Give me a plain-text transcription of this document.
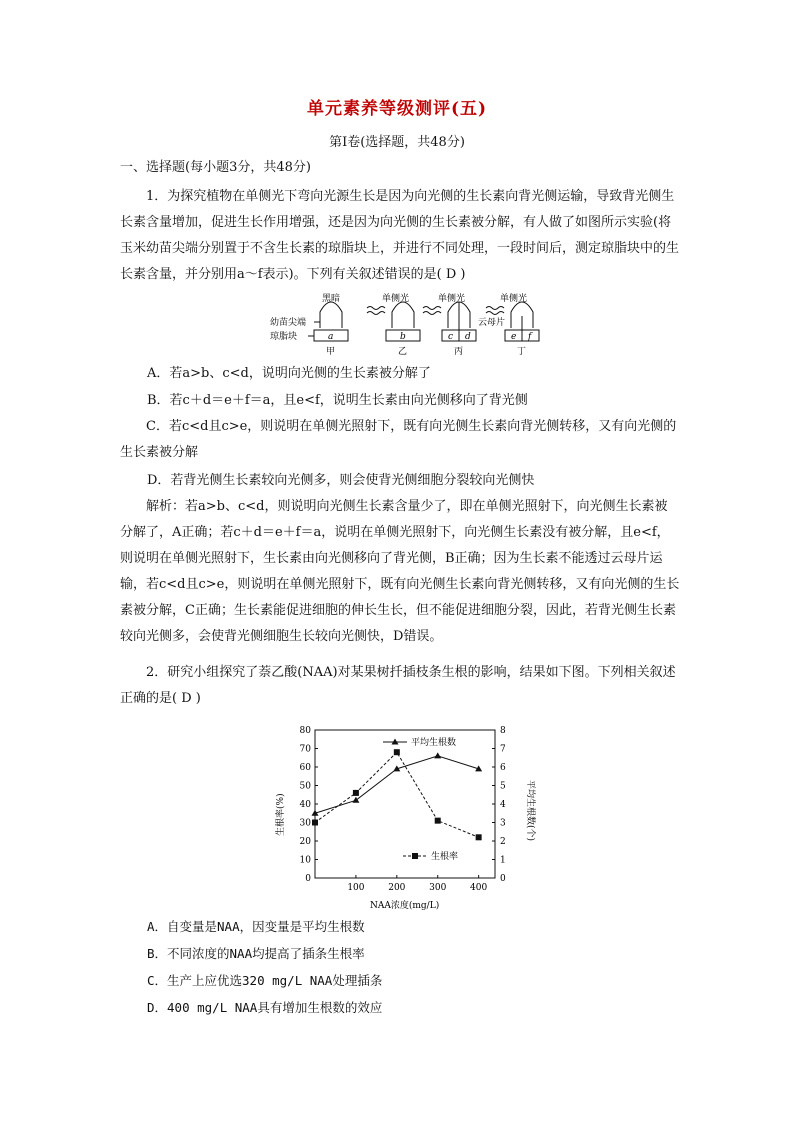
单元素养等级测评(五)
第Ⅰ卷(选择题，共48分)

一、选择题(每小题3分，共48分)

1．为探究植物在单侧光下弯向光源生长是因为向光侧的生长素向背光侧运输，导致背光侧生长素含量增加，促进生长作用增强，还是因为向光侧的生长素被分解，有人做了如图所示实验(将玉米幼苗尖端分别置于不含生长素的琼脂块上，并进行不同处理，一段时间后，测定琼脂块中的生长素含量，并分别用a～f表示)。下列有关叙述错误的是( D )

黑暗
幼苗尖端
琼脂块
单侧光	单侧光	单侧光
云母片
a	b	c d	e f
甲	乙	丙	丁

A．若a>b、c<d，说明向光侧的生长素被分解了

B．若c＋d＝e＋f＝a，且e<f，说明生长素由向光侧移向了背光侧

C．若c<d且c>e，则说明在单侧光照射下，既有向光侧生长素向背光侧转移，又有向光侧的生长素被分解

D．若背光侧生长素较向光侧多，则会使背光侧细胞分裂较向光侧快

解析：若a>b、c<d，则说明向光侧生长素含量少了，即在单侧光照射下，向光侧生长素被分解了，A正确；若c＋d＝e＋f＝a，说明在单侧光照射下，向光侧生长素没有被分解，且e<f，则说明在单侧光照射下，生长素由向光侧移向了背光侧，B正确；因为生长素不能透过云母片运输，若c<d且c>e，则说明在单侧光照射下，既有向光侧生长素向背光侧转移，又有向光侧的生长素被分解，C正确；生长素能促进细胞的伸长生长，但不能促进细胞分裂，因此，若背光侧生长素较向光侧多，会使背光侧细胞生长较向光侧快，D错误。

2．研究小组探究了萘乙酸(NAA)对某果树扦插枝条生根的影响，结果如下图。下列相关叙述正确的是( D )

生根率(%)	平均生根数(个)
NAA浓度(mg/L)
0
10
20
30
40
50
60
70
80
0
1
2
3
4
5
6
7
8
100	200	300	400
平均生根数
生根率

A．自变量是NAA，因变量是平均生根数

B．不同浓度的NAA均提高了插条生根率

C．生产上应优选320 mg/L NAA处理插条

D．400 mg/L NAA具有增加生根数的效应
